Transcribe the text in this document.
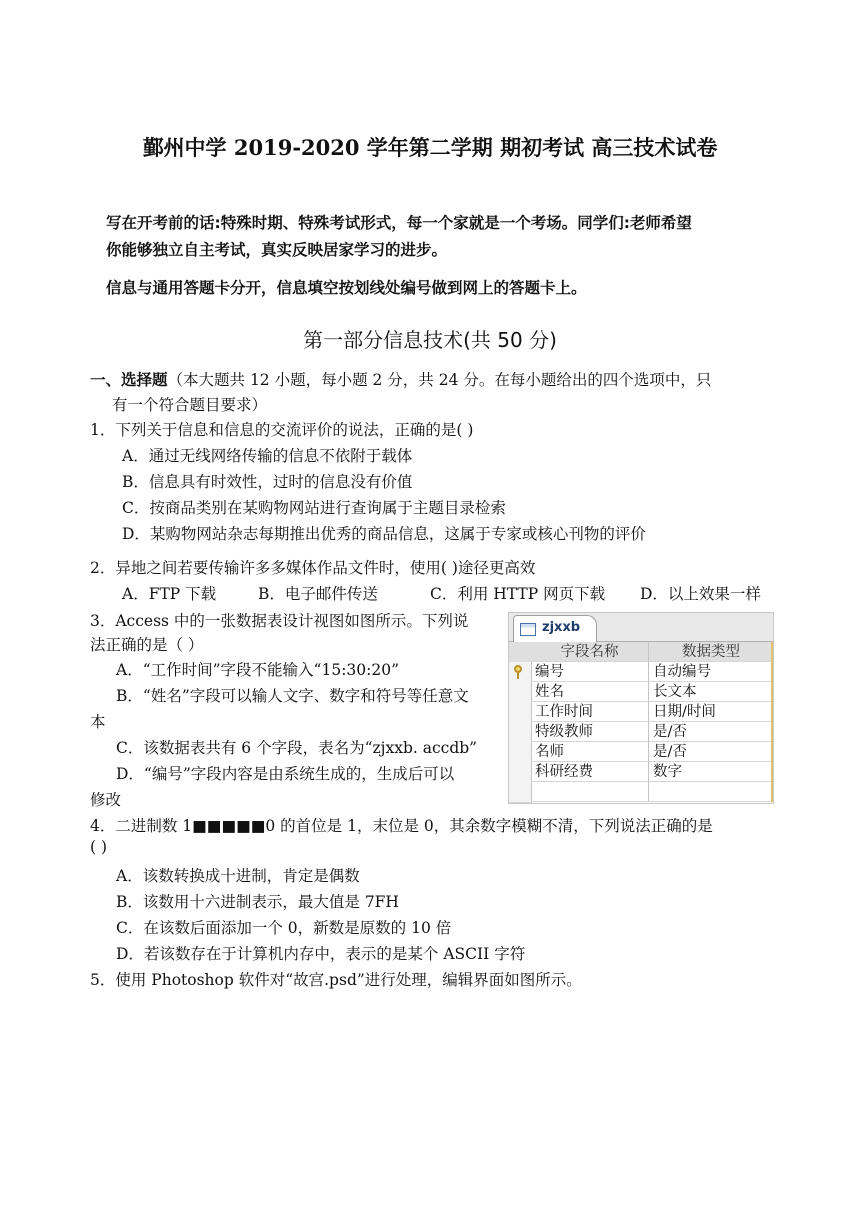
鄞州中学 2019-2020 学年第二学期 期初考试 高三技术试卷
写在开考前的话:特殊时期、特殊考试形式，每一个家就是一个考场。同学们:老师希望
你能够独立自主考试，真实反映居家学习的进步。
信息与通用答题卡分开，信息填空按划线处编号做到网上的答题卡上。
第一部分信息技术(共 50 分)
一、选择题（本大题共 12 小题，每小题 2 分，共 24 分。在每小题给出的四个选项中，只
有一个符合题目要求）
1．下列关于信息和信息的交流评价的说法，正确的是( )
A．通过无线网络传输的信息不依附于载体
B．信息具有时效性，过时的信息没有价值
C．按商品类别在某购物网站进行查询属于主题目录检索
D．某购物网站杂志每期推出优秀的商品信息，这属于专家或核心刊物的评价
2．异地之间若要传输许多多媒体作品文件时，使用( )途径更高效
A．FTP 下载	B．电子邮件传送	C．利用 HTTP 网页下载 D．以上效果一样
3．Access 中的一张数据表设计视图如图所示。下列说
法正确的是（ ）
A．“工作时间”字段不能输入“15:30:20”
B．“姓名”字段可以输人文字、数字和符号等任意文
本
C．该数据表共有 6 个字段，表名为“zjxxb. accdb”
D．“编号”字段内容是由系统生成的，生成后可以
修改
zjxxb
字段名称	数据类型
编号	自动编号
姓名	长文本
工作时间	日期/时间
特级教师	是/否
名师	是/否
科研经费	数字
4．二进制数 1■■■■■0 的首位是 1，末位是 0，其余数字模糊不清，下列说法正确的是
( )
A．该数转换成十进制，肯定是偶数
B．该数用十六进制表示，最大值是 7FH
C．在该数后面添加一个 0，新数是原数的 10 倍
D．若该数存在于计算机内存中，表示的是某个 ASCII 字符
5．使用 Photoshop 软件对“故宫.psd”进行处理，编辑界面如图所示。
